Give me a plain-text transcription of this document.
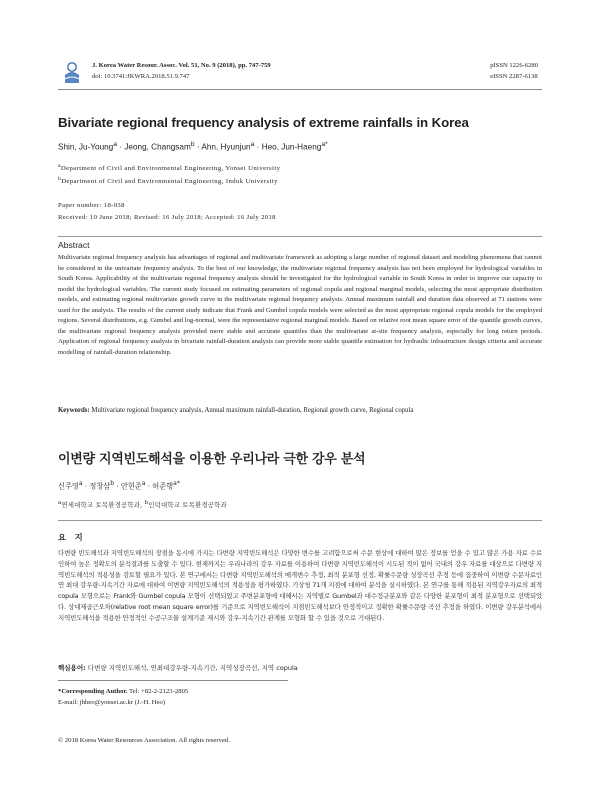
J. Korea Water Resour. Assoc. Vol. 51, No. 9 (2018), pp. 747-759
doi: 10.3741/JKWRA.2018.51.9.747
pISSN 1226-6280
eISSN 2287-6138
Bivariate regional frequency analysis of extreme rainfalls in Korea
Shin, Ju-Young$^a$ · Jeong, Changsam$^b$ · Ahn, Hyunjun$^a$ · Heo, Jun-Haeng$^{a*}$
$^a$Department of Civil and Environmental Engineering, Yonsei University
$^b$Department of Civil and Environmental Engineering, Induk University
Paper number: 18-038
Received: 10 June 2018; Revised: 16 July 2018; Accepted: 16 July 2018
Abstract
Multivariate regional frequency analysis has advantages of regional and multivariate framework as adopting a large number of regional dataset and modeling phenomena that cannot be considered in the univariate frequency analysis. To the best of our knowledge, the multivariate regional frequency analysis has not been employed for hydrological variables in South Korea. Applicability of the multivariate regional frequency analysis should be investigated for the hydrological variable in South Korea in order to improve our capacity to model the hydrological variables. The current study focused on estimating parameters of regional copula and regional marginal models, selecting the most appropriate distribution models, and estimating regional multivariate growth curve in the multivariate regional frequency analysis. Annual maximum rainfall and duration data observed at 71 stations were used for the analysis. The results of the current study indicate that Frank and Gumbel copula models were selected as the most appropriate regional copula models for the employed regions. Several distributions, e.g. Gumbel and log-normal, were the representative regional marginal models. Based on relative root mean square error of the quantile growth curves, the multivariate regional frequency analysis provided more stable and accurate quantiles than the multivariate at-site frequency analysis, especially for long return periods. Application of regional frequency analysis in bivariate rainfall-duration analysis can provide more stable quantile estimation for hydraulic infrastructure design criteria and accurate modelling of rainfall-duration relationship.
Keywords: Multivariate regional frequency analysis, Annual maximum rainfall-duration, Regional growth curve, Regional copula
이변량 지역빈도해석을 이용한 우리나라 극한 강우 분석
신주영$^a$ · 정창삼$^b$ · 안현준$^a$ · 허준행$^{a*}$
$^a$연세대학교 토목환경공학과, $^b$인덕대학교 토목환경공학과
요 지
다변량 빈도해석과 지역빈도해석의 장점을 동시에 가지는 다변량 지역빈도해석은 다양한 변수를 고려함으로써 수문 현상에 대하여 많은 정보를 얻을 수 있고 많은 가용 자료 수로 인하여 높은 정확도의 분석결과를 도출할 수 있다. 현재까지는 우리나라의 강우 자료를 이용하여 다변량 지역빈도해석이 시도된 적이 없어 국내의 강우 자료를 대상으로 다변량 지역빈도해석의 적용성을 검토할 필요가 있다. 본 연구에서는 다변량 지역빈도해석의 매개변수 추정, 최적 분포형 선정, 확률수문량 성장곡선 추정 등에 집중하여 이변량 수문자료인 연 최대 강우량-지속기간 자료에 대하여 이변량 지역빈도해석의 적용성을 평가하였다. 기상청 71개 지점에 대하여 분석을 실시하였다. 본 연구를 통해 적용된 지역강우자료의 최적 copula 모형으로는 Frank와 Gumbel copula 모형이 선택되었고 주변분포형에 대해서는 지역별로 Gumbel과 대수정규분포와 같은 다양한 분포형이 최적 분포형으로 선택되었다. 상대제곱근오차(relative root mean square error)를 기준으로 지역빈도해석이 지점빈도해석보다 안정적이고 정확한 확률수문량 곡선 추정을 하였다. 이변량 강우분석에서 지역빈도해석을 적용한 안정적인 수공구조물 설계기준 제시와 강우-지속기간 관계를 모형화 할 수 있을 것으로 기대된다.
핵심용어: 다변량 지역빈도해석, 연최대강우량-지속기간, 지역성장곡선, 지역 copula
*Corresponding Author. Tel: +82-2-2123-2805
E-mail: jhheo@yonsei.ac.kr (J.-H. Heo)
© 2018 Korea Water Resources Association. All rights reserved.
